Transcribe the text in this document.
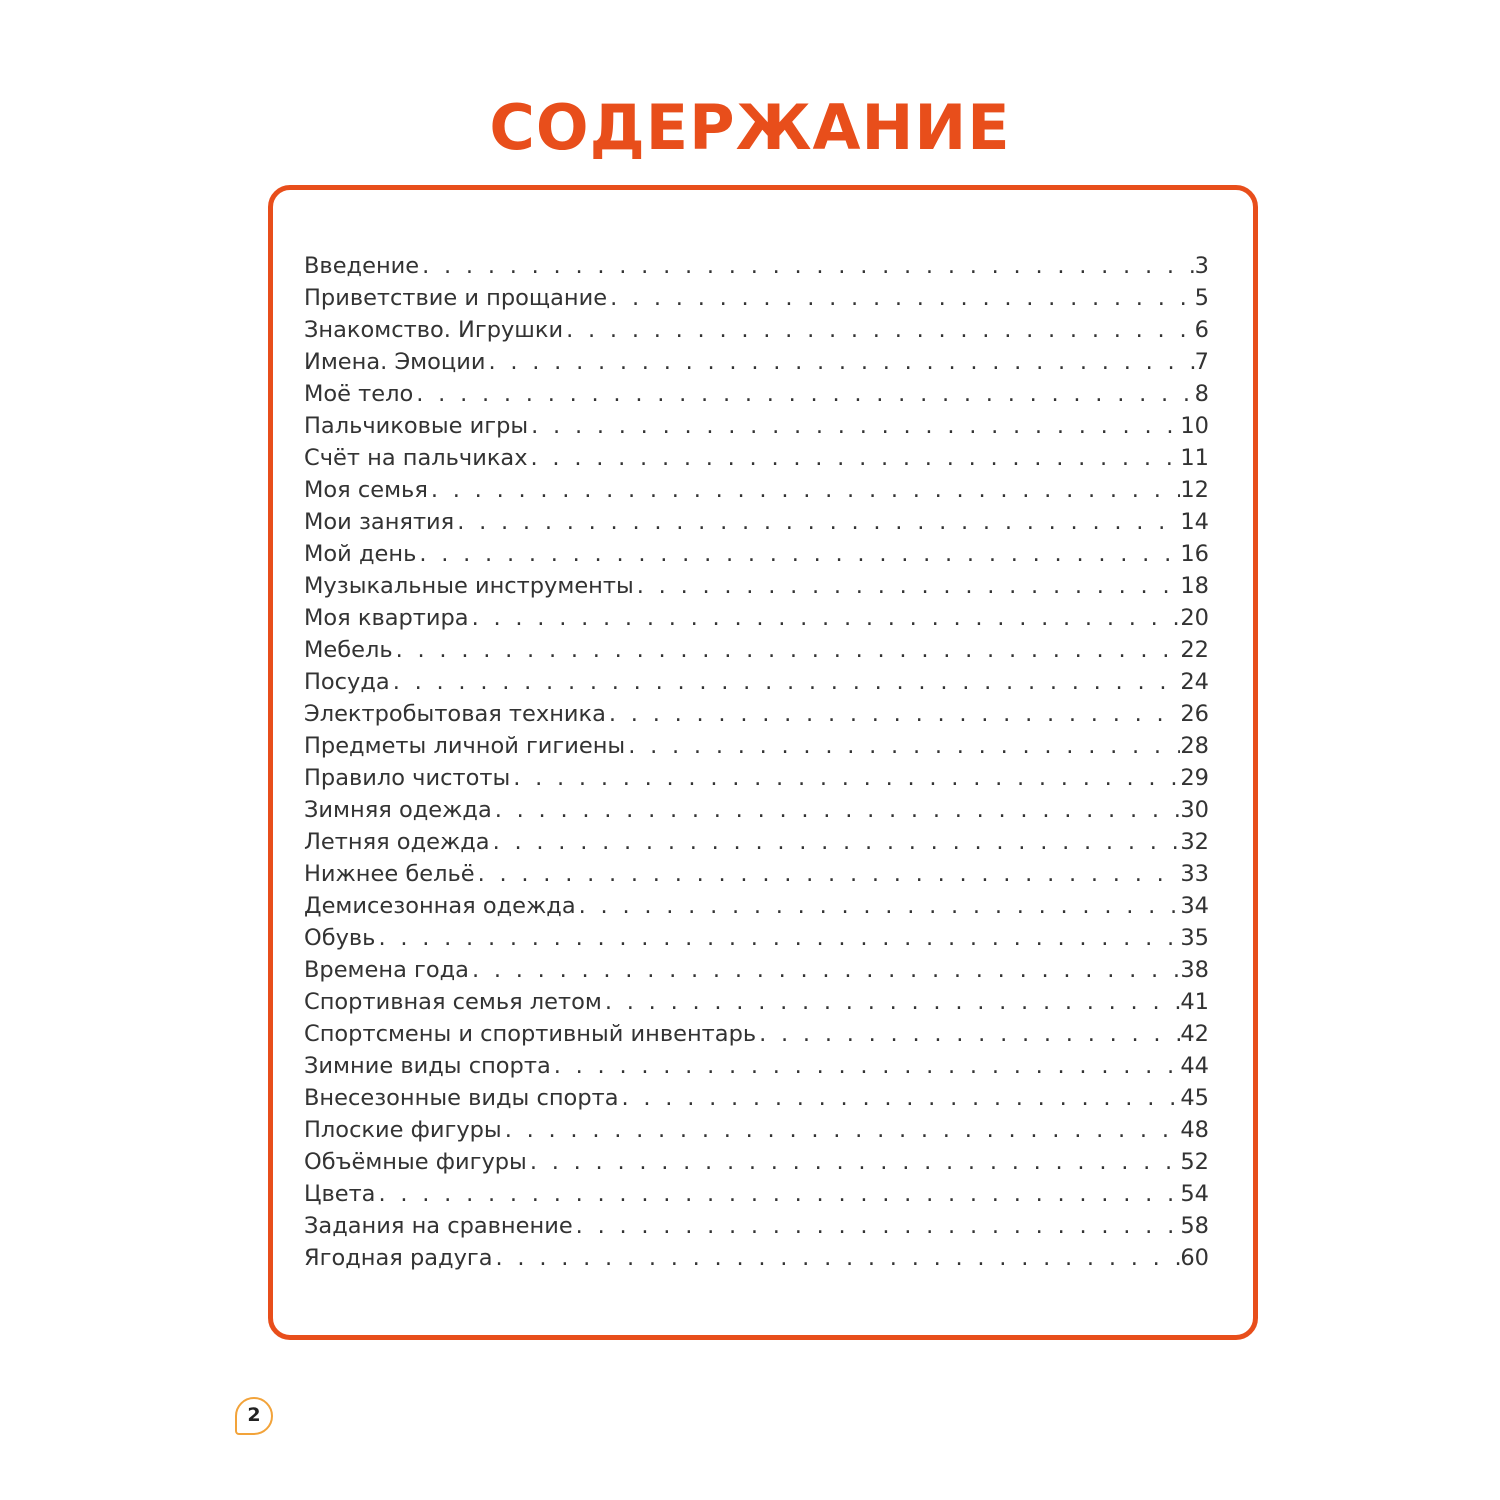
СОДЕРЖАНИЕ
Введение . . .	3
Приветствие и прощание . . .	5
Знакомство. Игрушки . . .	6
Имена. Эмоции . . .	7
Моё тело . . .	8
Пальчиковые игры . . .	10
Счёт на пальчиках . . .	11
Моя семья . . .	12
Мои занятия . . .	14
Мой день . . .	16
Музыкальные инструменты . . .	18
Моя квартира . . .	20
Мебель . . .	22
Посуда . . .	24
Электробытовая техника . . .	26
Предметы личной гигиены . . .	28
Правило чистоты . . .	29
Зимняя одежда . . .	30
Летняя одежда . . .	32
Нижнее бельё . . .	33
Демисезонная одежда . . .	34
Обувь . . .	35
Времена года . . .	38
Спортивная семья летом . . .	41
Спортсмены и спортивный инвентарь . . .	42
Зимние виды спорта . . .	44
Внесезонные виды спорта . . .	45
Плоские фигуры . . .	48
Объёмные фигуры . . .	52
Цвета . . .	54
Задания на сравнение . . .	58
Ягодная радуга . . .	60
2
